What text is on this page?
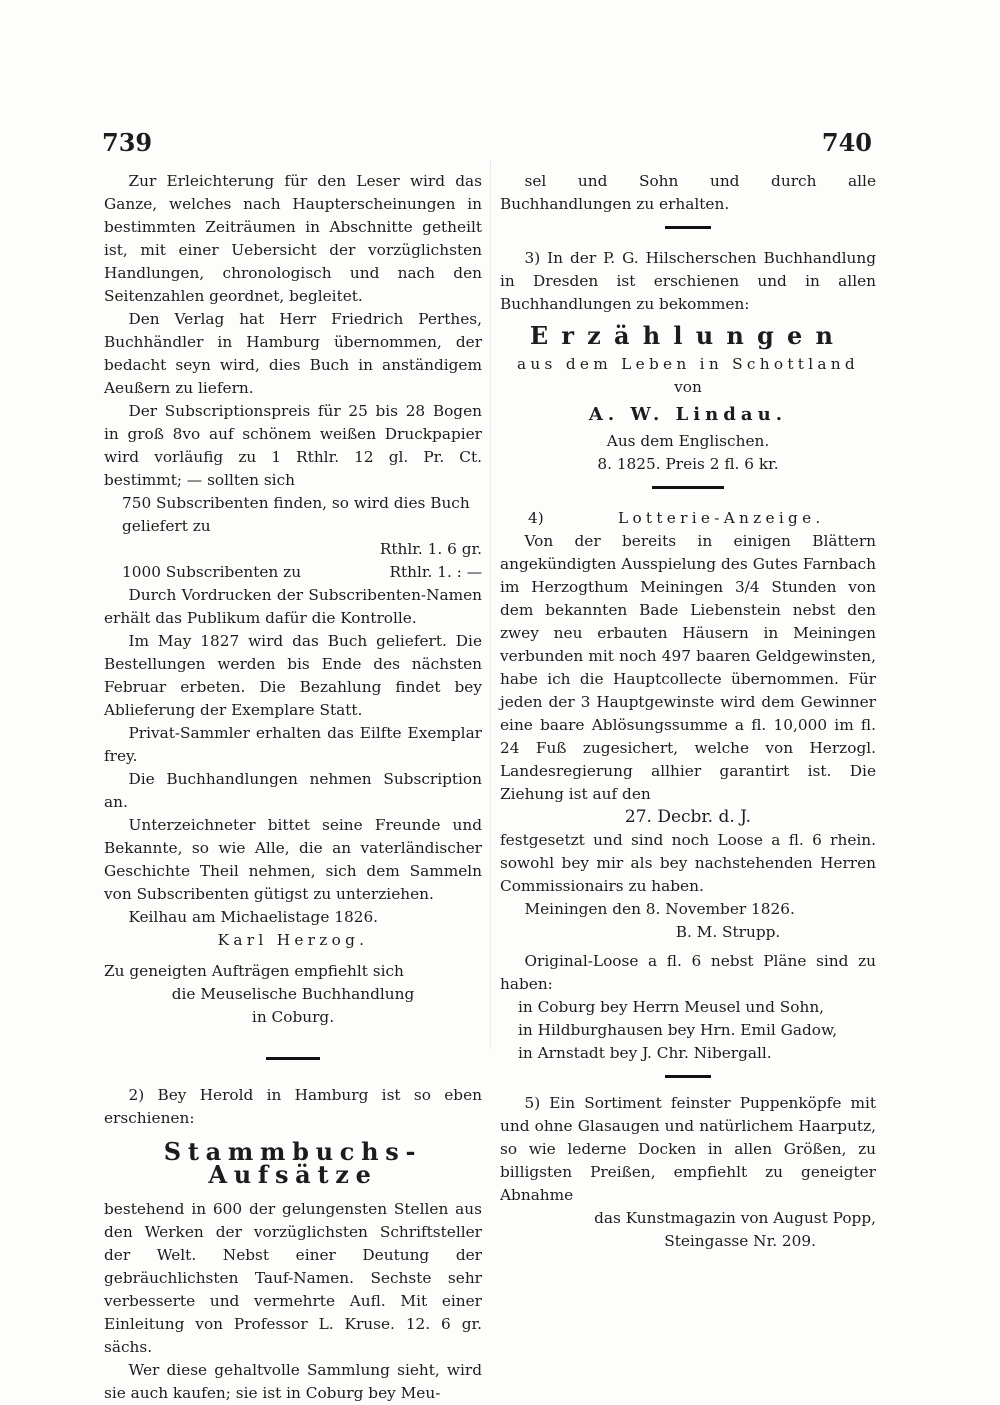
739	740

Zur Erleichterung für den Leser wird das Ganze, welches nach Haupterscheinungen in bestimmten Zeiträumen in Abschnitte getheilt ist, mit einer Uebersicht der vorzüglichsten Handlungen, chronologisch und nach den Seitenzahlen geordnet, begleitet.

Den Verlag hat Herr Friedrich Perthes, Buchhändler in Hamburg übernommen, der bedacht seyn wird, dies Buch in anständigem Aeußern zu liefern.

Der Subscriptionspreis für 25 bis 28 Bogen in groß 8vo auf schönem weißen Druckpapier wird vorläufig zu 1 Rthlr. 12 gl. Pr. Ct. bestimmt; — sollten sich

750 Subscribenten finden, so wird dies Buch geliefert zu
Rthlr. 1. 6 gr.
1000 Subscribenten zu	Rthlr. 1. : —

Durch Vordrucken der Subscribenten-Namen erhält das Publikum dafür die Kontrolle.

Im May 1827 wird das Buch geliefert. Die Bestellungen werden bis Ende des nächsten Februar erbeten. Die Bezahlung findet bey Ablieferung der Exemplare Statt.

Privat-Sammler erhalten das Eilfte Exemplar frey.

Die Buchhandlungen nehmen Subscription an.

Unterzeichneter bittet seine Freunde und Bekannte, so wie Alle, die an vaterländischer Geschichte Theil nehmen, sich dem Sammeln von Subscribenten gütigst zu unterziehen.

Keilhau am Michaelistage 1826.

Karl Herzog.

Zu geneigten Aufträgen empfiehlt sich

die Meuselische Buchhandlung

in Coburg.

2) Bey Herold in Hamburg ist so eben erschienen:

Stammbuchs-Aufsätze

bestehend in 600 der gelungensten Stellen aus den Werken der vorzüglichsten Schriftsteller der Welt. Nebst einer Deutung der gebräuchlichsten Tauf-Namen. Sechste sehr verbesserte und vermehrte Aufl. Mit einer Einleitung von Professor L. Kruse. 12. 6 gr. sächs.

Wer diese gehaltvolle Sammlung sieht, wird sie auch kaufen; sie ist in Coburg bey Meu-

sel und Sohn und durch alle Buchhandlungen zu erhalten.

3) In der P. G. Hilscherschen Buchhandlung in Dresden ist erschienen und in allen Buchhandlungen zu bekommen:

Erzählungen

aus dem Leben in Schottland

von

A. W. Lindau.

Aus dem Englischen.

8. 1825. Preis 2 fl. 6 kr.

4)	Lotterie-Anzeige.

Von der bereits in einigen Blättern angekündigten Ausspielung des Gutes Farnbach im Herzogthum Meiningen 3/4 Stunden von dem bekannten Bade Liebenstein nebst den zwey neu erbauten Häusern in Meiningen verbunden mit noch 497 baaren Geldgewinsten, habe ich die Hauptcollecte übernommen. Für jeden der 3 Hauptgewinste wird dem Gewinner eine baare Ablösungssumme a fl. 10,000 im fl. 24 Fuß zugesichert, welche von Herzogl. Landesregierung allhier garantirt ist. Die Ziehung ist auf den

27. Decbr. d. J.

festgesetzt und sind noch Loose a fl. 6 rhein. sowohl bey mir als bey nachstehenden Herren Commissionairs zu haben.

Meiningen den 8. November 1826.

B. M. Strupp.

Original-Loose a fl. 6 nebst Pläne sind zu haben:

in Coburg bey Herrn Meusel und Sohn,

in Hildburghausen bey Hrn. Emil Gadow,

in Arnstadt bey J. Chr. Nibergall.

5) Ein Sortiment feinster Puppenköpfe mit und ohne Glasaugen und natürlichem Haarputz, so wie lederne Docken in allen Größen, zu billigsten Preißen, empfiehlt zu geneigter Abnahme

das Kunstmagazin von August Popp,

Steingasse Nr. 209.
